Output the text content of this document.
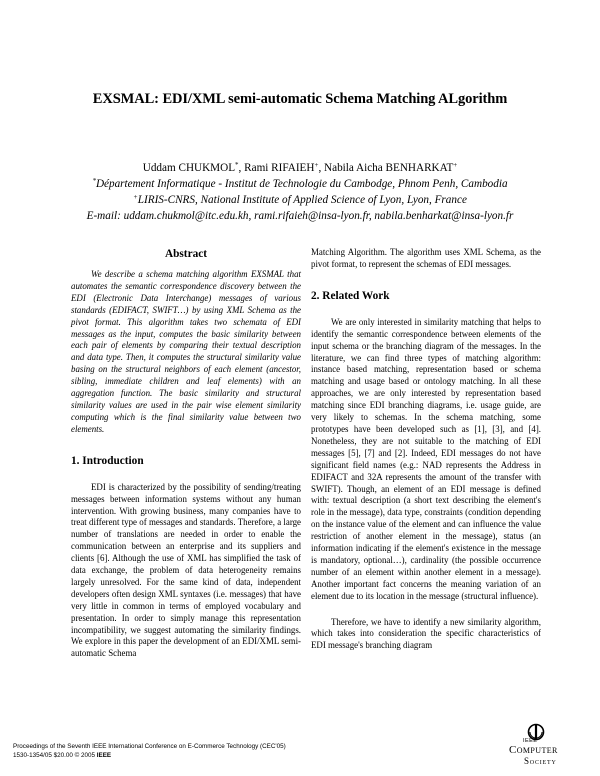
EXSMAL: EDI/XML semi-automatic Schema Matching ALgorithm
Uddam CHUKMOL*, Rami RIFAIEH+, Nabila Aicha BENHARKAT+
*Département Informatique - Institut de Technologie du Cambodge, Phnom Penh, Cambodia
+LIRIS-CNRS, National Institute of Applied Science of Lyon, Lyon, France
E-mail: uddam.chukmol@itc.edu.kh, rami.rifaieh@insa-lyon.fr, nabila.benharkat@insa-lyon.fr
Abstract

We describe a schema matching algorithm EXSMAL that automates the semantic correspondence discovery between the EDI (Electronic Data Interchange) messages of various standards (EDIFACT, SWIFT…) by using XML Schema as the pivot format. This algorithm takes two schemata of EDI messages as the input, computes the basic similarity between each pair of elements by comparing their textual description and data type. Then, it computes the structural similarity value basing on the structural neighbors of each element (ancestor, sibling, immediate children and leaf elements) with an aggregation function. The basic similarity and structural similarity values are used in the pair wise element similarity computing which is the final similarity value between two elements.

1. Introduction

EDI is characterized by the possibility of sending/treating messages between information systems without any human intervention. With growing business, many companies have to treat different type of messages and standards. Therefore, a large number of translations are needed in order to enable the communication between an enterprise and its suppliers and clients [6]. Although the use of XML has simplified the task of data exchange, the problem of data heterogeneity remains largely unresolved. For the same kind of data, independent developers often design XML syntaxes (i.e. messages) that have very little in common in terms of employed vocabulary and presentation. In order to simply manage this representation incompatibility, we suggest automating the similarity findings. We explore in this paper the development of an EDI/XML semi-automatic Schema

Matching Algorithm. The algorithm uses XML Schema, as the pivot format, to represent the schemas of EDI messages.

2. Related Work

We are only interested in similarity matching that helps to identify the semantic correspondence between elements of the input schema or the branching diagram of the messages. In the literature, we can find three types of matching algorithm: instance based matching, representation based or schema matching and usage based or ontology matching. In all these approaches, we are only interested by representation based matching since EDI branching diagrams, i.e. usage guide, are very likely to schemas. In the schema matching, some prototypes have been developed such as [1], [3], and [4]. Nonetheless, they are not suitable to the matching of EDI messages [5], [7] and [2]. Indeed, EDI messages do not have significant field names (e.g.: NAD represents the Address in EDIFACT and 32A represents the amount of the transfer with SWIFT). Though, an element of an EDI message is defined with: textual description (a short text describing the element's role in the message), data type, constraints (condition depending on the instance value of the element and can influence the value restriction of another element in the message), status (an information indicating if the element's existence in the message is mandatory, optional…), cardinality (the possible occurrence number of an element within another element in a message). Another important fact concerns the meaning variation of an element due to its location in the message (structural influence).

Therefore, we have to identify a new similarity algorithm, which takes into consideration the specific characteristics of EDI message's branching diagram

Proceedings of the Seventh IEEE International Conference on E-Commerce Technology (CEC'05)
1530-1354/05 $20.00 © 2005 IEEE
IEEE
Computer
Society
